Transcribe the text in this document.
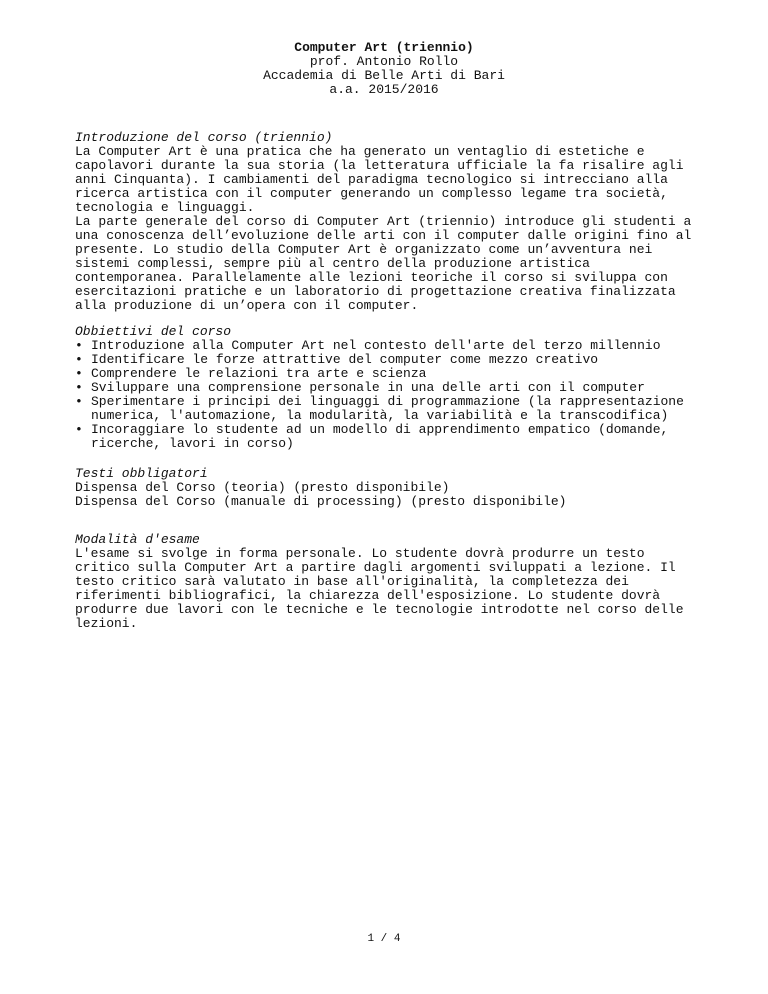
Computer Art (triennio)
prof. Antonio Rollo
Accademia di Belle Arti di Bari
a.a. 2015/2016
Introduzione del corso (triennio)
La Computer Art è una pratica che ha generato un ventaglio di estetiche e
capolavori durante la sua storia (la letteratura ufficiale la fa risalire agli
anni Cinquanta). I cambiamenti del paradigma tecnologico si intrecciano alla
ricerca artistica con il computer generando un complesso legame tra società,
tecnologia e linguaggi.
La parte generale del corso di Computer Art (triennio) introduce gli studenti a
una conoscenza dell’evoluzione delle arti con il computer dalle origini fino al
presente. Lo studio della Computer Art è organizzato come un’avventura nei
sistemi complessi, sempre più al centro della produzione artistica
contemporanea. Parallelamente alle lezioni teoriche il corso si sviluppa con
esercitazioni pratiche e un laboratorio di progettazione creativa finalizzata
alla produzione di un’opera con il computer.
Obbiettivi del corso
• Introduzione alla Computer Art nel contesto dell'arte del terzo millennio
• Identificare le forze attrattive del computer come mezzo creativo
• Comprendere le relazioni tra arte e scienza
• Sviluppare una comprensione personale in una delle arti con il computer
• Sperimentare i principi dei linguaggi di programmazione (la rappresentazione
numerica, l'automazione, la modularità, la variabilità e la transcodifica)
• Incoraggiare lo studente ad un modello di apprendimento empatico (domande,
ricerche, lavori in corso)
Testi obbligatori
Dispensa del Corso (teoria) (presto disponibile)
Dispensa del Corso (manuale di processing) (presto disponibile)
Modalità d'esame
L'esame si svolge in forma personale. Lo studente dovrà produrre un testo
critico sulla Computer Art a partire dagli argomenti sviluppati a lezione. Il
testo critico sarà valutato in base all'originalità, la completezza dei
riferimenti bibliografici, la chiarezza dell'esposizione. Lo studente dovrà
produrre due lavori con le tecniche e le tecnologie introdotte nel corso delle
lezioni.
1 / 4
